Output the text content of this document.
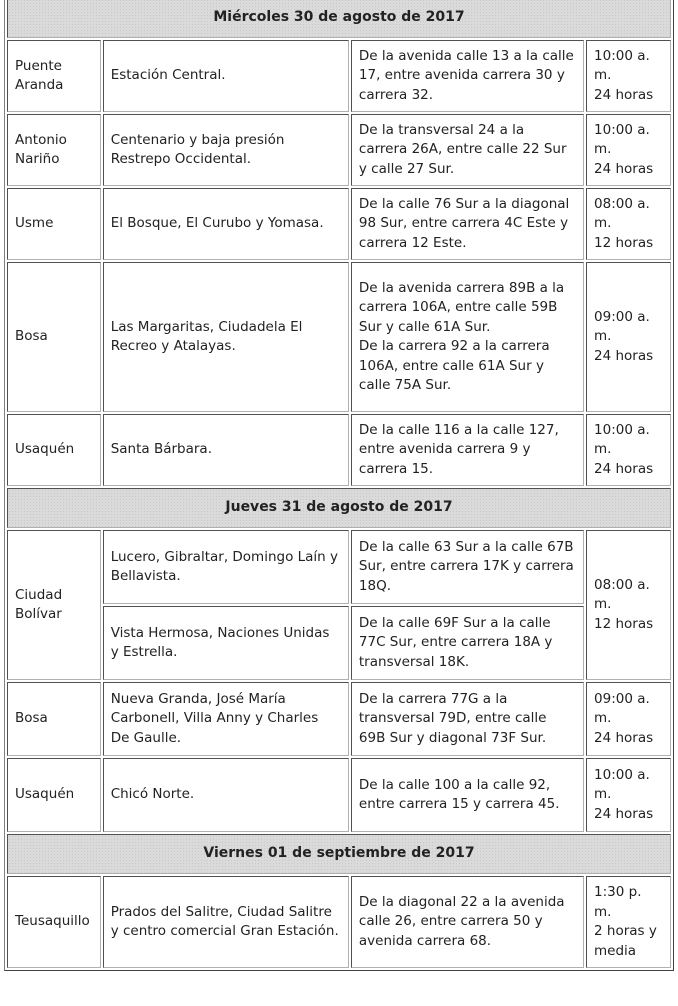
Miércoles 30 de agosto de 2017			
Puente Aranda	Estación Central.	De la avenida calle 13 a la calle 17, entre avenida carrera 30 y carrera 32.	10:00 a. m.
24 horas

Antonio Nariño	Centenario y baja presión Restrepo Occidental.	De la transversal 24 a la carrera 26A, entre calle 22 Sur y calle 27 Sur.	10:00 a. m.
24 horas

Usme	El Bosque, El Curubo y Yomasa.	De la calle 76 Sur a la diagonal 98 Sur, entre carrera 4C Este y carrera 12 Este.	08:00 a. m.
12 horas

Bosa	Las Margaritas, Ciudadela El Recreo y Atalayas.	De la avenida carrera 89B a la carrera 106A, entre calle 59B Sur y calle 61A Sur.
De la carrera 92 a la carrera 106A, entre calle 61A Sur y calle 75A Sur.	09:00 a. m.
24 horas

Usaquén	Santa Bárbara.	De la calle 116 a la calle 127, entre avenida carrera 9 y carrera 15.	10:00 a. m.
24 horas

Jueves 31 de agosto de 2017			
Ciudad Bolívar	Lucero, Gibraltar, Domingo Laín y Bellavista.	De la calle 63 Sur a la calle 67B Sur, entre carrera 17K y carrera 18Q.	08:00 a. m.
12 horas

	Vista Hermosa, Naciones Unidas y Estrella.	De la calle 69F Sur a la calle 77C Sur, entre carrera 18A y transversal 18K.	
Bosa	Nueva Granda, José María Carbonell, Villa Anny y Charles De Gaulle.	De la carrera 77G a la transversal 79D, entre calle 69B Sur y diagonal 73F Sur.	09:00 a. m.
24 horas

Usaquén	Chicó Norte.	De la calle 100 a la calle 92, entre carrera 15 y carrera 45.	10:00 a. m.
24 horas

Viernes 01 de septiembre de 2017			
Teusaquillo	Prados del Salitre, Ciudad Salitre y centro comercial Gran Estación.	De la diagonal 22 a la avenida calle 26, entre carrera 50 y avenida carrera 68.	1:30 p. m.
2 horas y media
